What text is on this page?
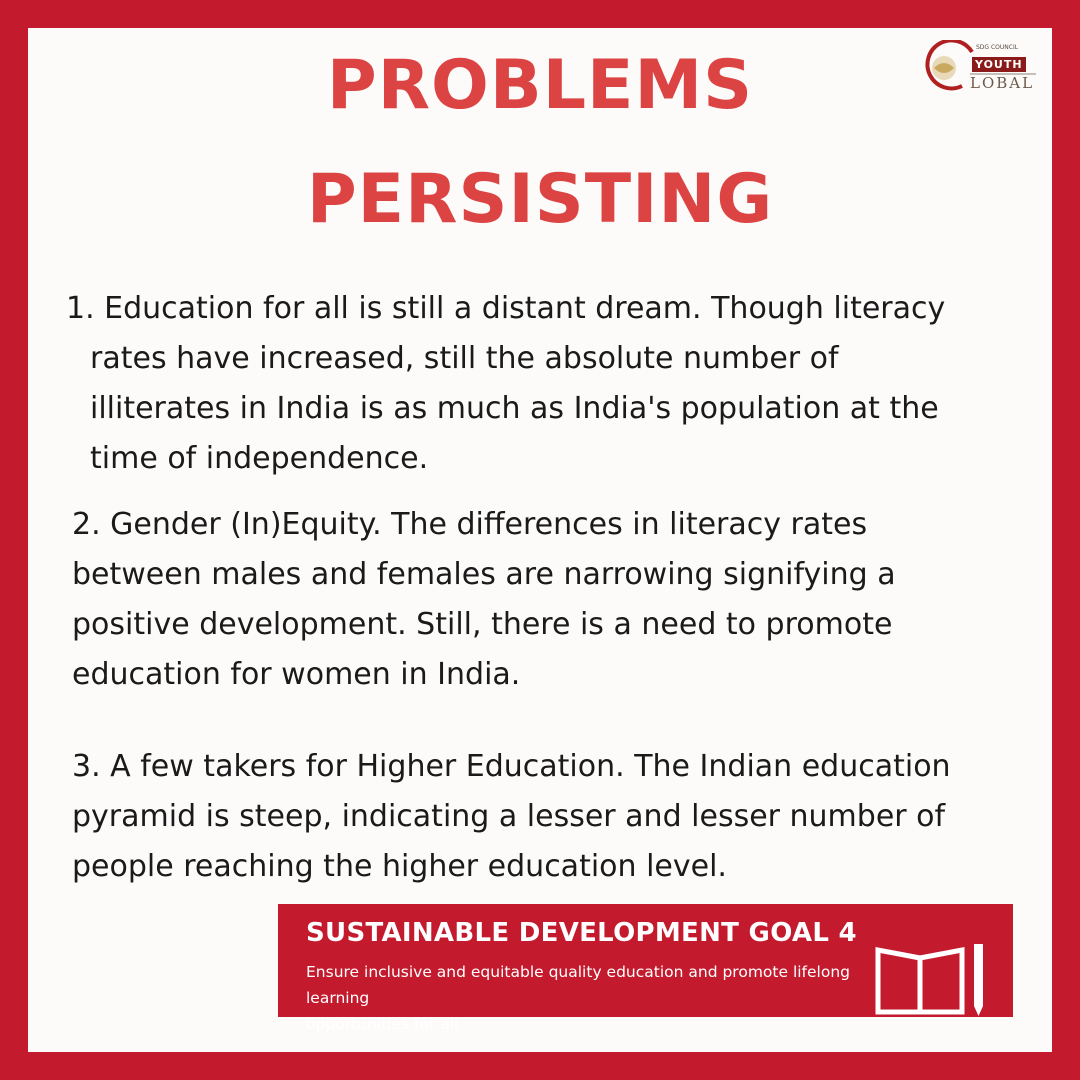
PROBLEMS
PERSISTING
SDG COUNCIL
YOUTH
LOBAL
1. Education for all is still a distant dream. Though literacy
rates have increased, still the absolute number of
illiterates in India is as much as India's population at the
time of independence.
2. Gender (In)Equity. The differences in literacy rates
between males and females are narrowing signifying a
positive development. Still, there is a need to promote
education for women in India.
3. A few takers for Higher Education. The Indian education
pyramid is steep, indicating a lesser and lesser number of
people reaching the higher education level.
SUSTAINABLE DEVELOPMENT GOAL 4
Ensure inclusive and equitable quality education and promote lifelong learning
opportunities for all
